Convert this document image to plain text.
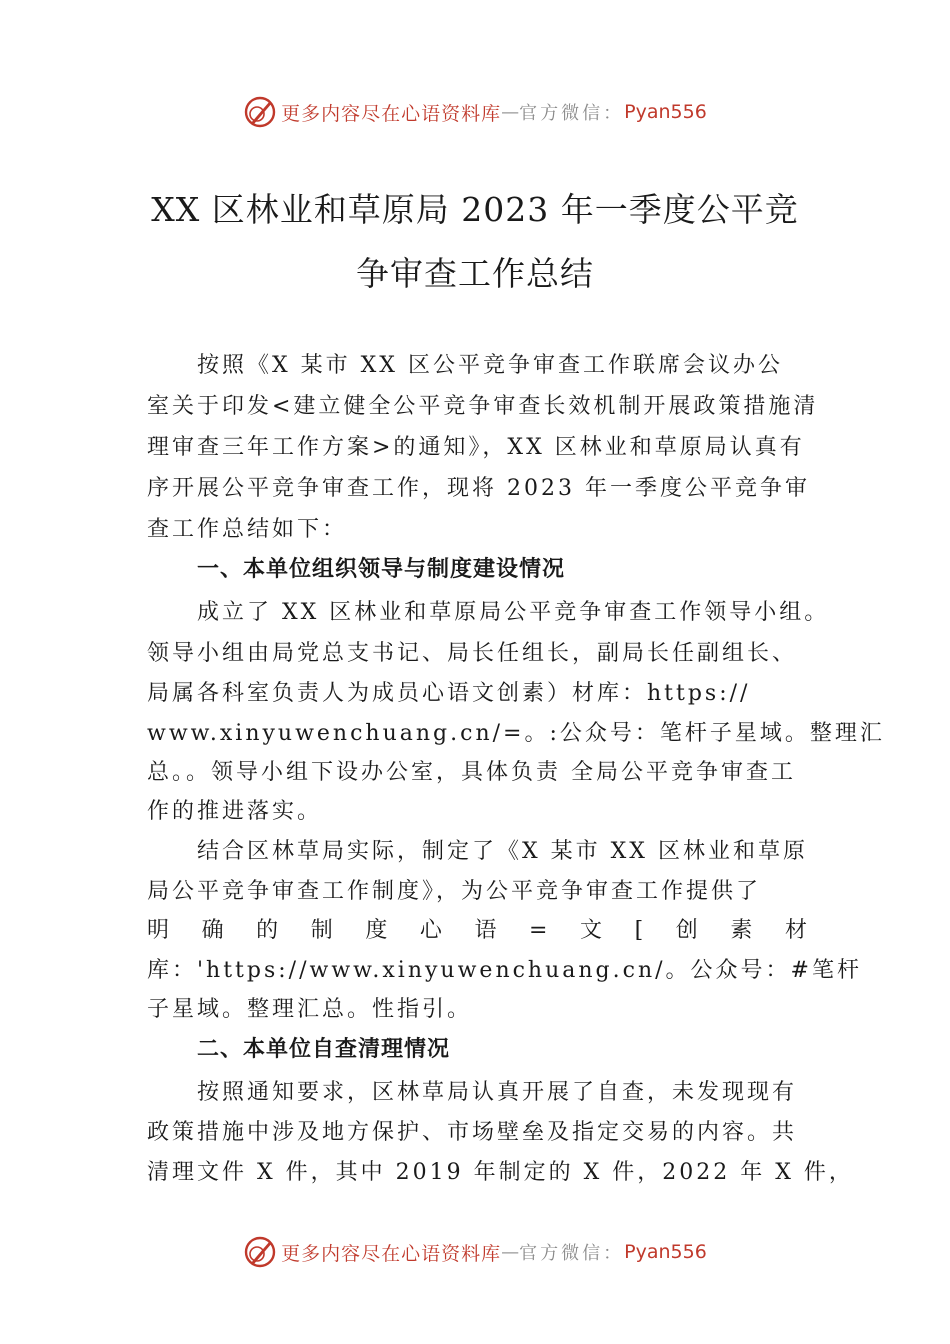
更多内容尽在心语资料库 — 官方微信： Pyan556
XX 区林业和草原局 2023 年一季度公平竞
争审查工作总结
按照《X 某市 XX 区公平竞争审查工作联席会议办公
室关于印发<建立健全公平竞争审查长效机制开展政策措施清
理审查三年工作方案>的通知》，XX 区林业和草原局认真有
序开展公平竞争审查工作，现将 2023 年一季度公平竞争审
查工作总结如下：
一、本单位组织领导与制度建设情况
成立了 XX 区林业和草原局公平竞争审查工作领导小组。
领导小组由局党总支书记、局长任组长，副局长任副组长、
局属各科室负责人为成员心语文创素）材库：https://
www.xinyuwenchuang.cn/=。:公众号：笔杆子星域。整理汇
总。。领导小组下设办公室，具体负责 全局公平竞争审查工
作的推进落实。
结合区林草局实际，制定了《X 某市 XX 区林业和草原
局公平竞争审查工作制度》，为公平竞争审查工作提供了
明 确 的 制 度 心 语 = 文 [ 创 素 材
库：'https://www.xinyuwenchuang.cn/。公众号：#笔杆
子星域。整理汇总。性指引。
二、本单位自查清理情况
按照通知要求，区林草局认真开展了自查，未发现现有
政策措施中涉及地方保护、市场壁垒及指定交易的内容。共
清理文件 X 件，其中 2019 年制定的 X 件，2022 年 X 件，
更多内容尽在心语资料库 — 官方微信： Pyan556
